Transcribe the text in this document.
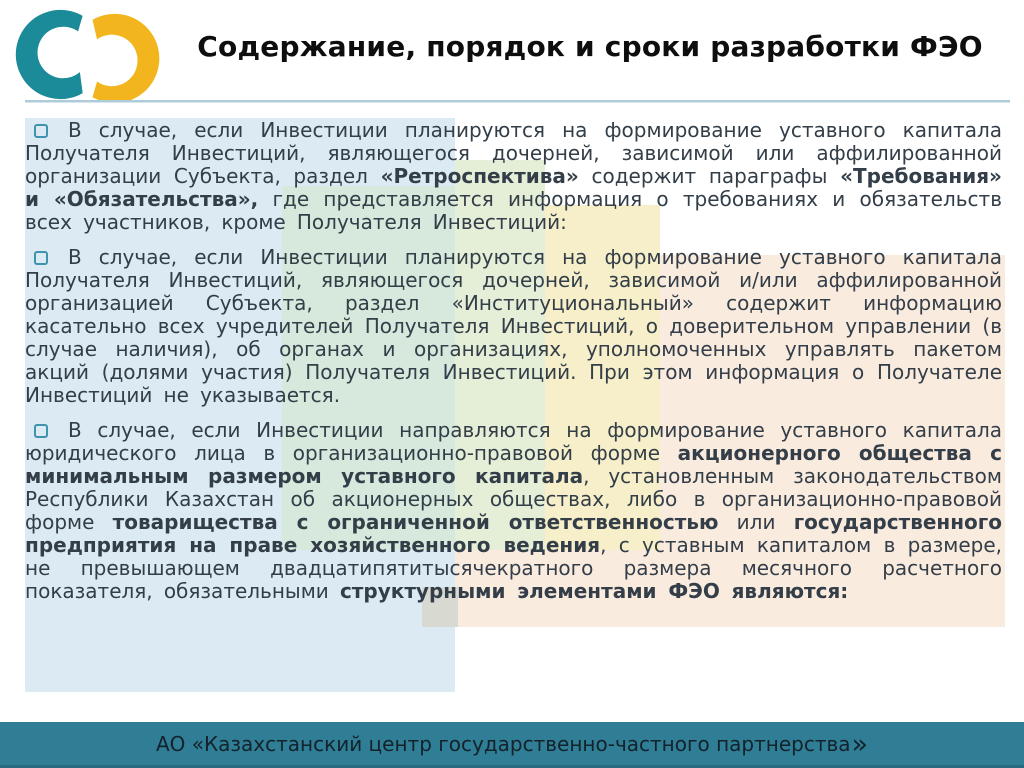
Содержание, порядок и сроки разработки ФЭО

В случае, если Инвестиции планируются на формирование уставного капитала Получателя Инвестиций, являющегося дочерней, зависимой или аффилированной организации Субъекта, раздел «Ретроспектива» содержит параграфы «Требования» и «Обязательства», где представляется информация о требованиях и обязательств всех участников, кроме Получателя Инвестиций:

В случае, если Инвестиции планируются на формирование уставного капитала Получателя Инвестиций, являющегося дочерней, зависимой и/или аффилированной организацией Субъекта, раздел «Институциональный» содержит информацию касательно всех учредителей Получателя Инвестиций, о доверительном управлении (в случае наличия), об органах и организациях, уполномоченных управлять пакетом акций (долями участия) Получателя Инвестиций. При этом информация о Получателе Инвестиций не указывается.

В случае, если Инвестиции направляются на формирование уставного капитала юридического лица в организационно-правовой форме акционерного общества с минимальным размером уставного капитала, установленным законодательством Республики Казахстан об акционерных обществах, либо в организационно-правовой форме товарищества с ограниченной ответственностью или государственного предприятия на праве хозяйственного ведения, с уставным капиталом в размере, не превышающем двадцатипятитысячекратного размера месячного расчетного показателя, обязательными структурными элементами ФЭО являются:

АО «Казахстанский центр государственно-частного партнерства »
